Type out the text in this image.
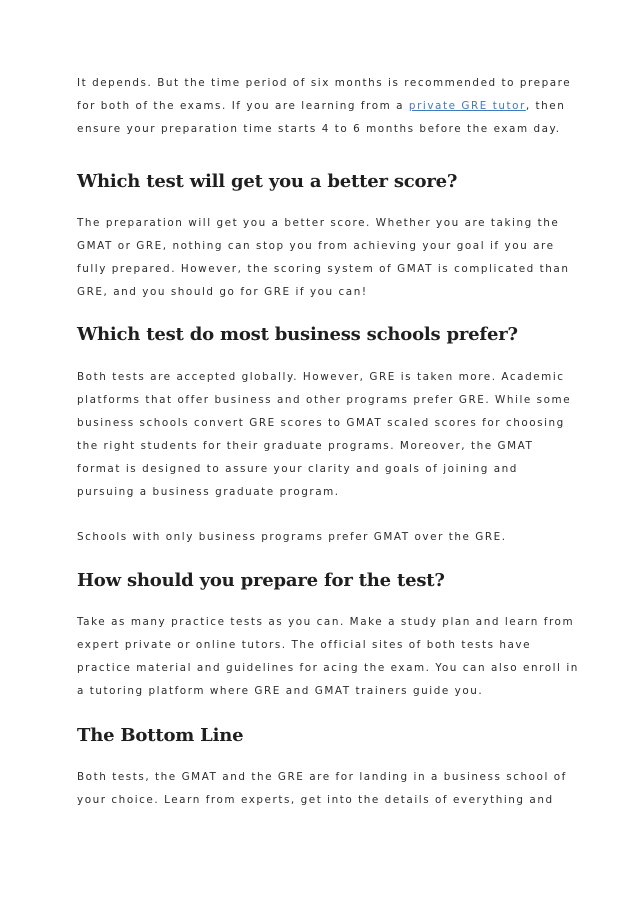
It depends. But the time period of six months is recommended to prepare
for both of the exams. If you are learning from a private GRE tutor, then
ensure your preparation time starts 4 to 6 months before the exam day.

Which test will get you a better score?

The preparation will get you a better score. Whether you are taking the
GMAT or GRE, nothing can stop you from achieving your goal if you are
fully prepared. However, the scoring system of GMAT is complicated than
GRE, and you should go for GRE if you can!

Which test do most business schools prefer?

Both tests are accepted globally. However, GRE is taken more. Academic
platforms that offer business and other programs prefer GRE. While some
business schools convert GRE scores to GMAT scaled scores for choosing
the right students for their graduate programs. Moreover, the GMAT
format is designed to assure your clarity and goals of joining and
pursuing a business graduate program.

Schools with only business programs prefer GMAT over the GRE.

How should you prepare for the test?

Take as many practice tests as you can. Make a study plan and learn from
expert private or online tutors. The official sites of both tests have
practice material and guidelines for acing the exam. You can also enroll in
a tutoring platform where GRE and GMAT trainers guide you.

The Bottom Line

Both tests, the GMAT and the GRE are for landing in a business school of
your choice. Learn from experts, get into the details of everything and
